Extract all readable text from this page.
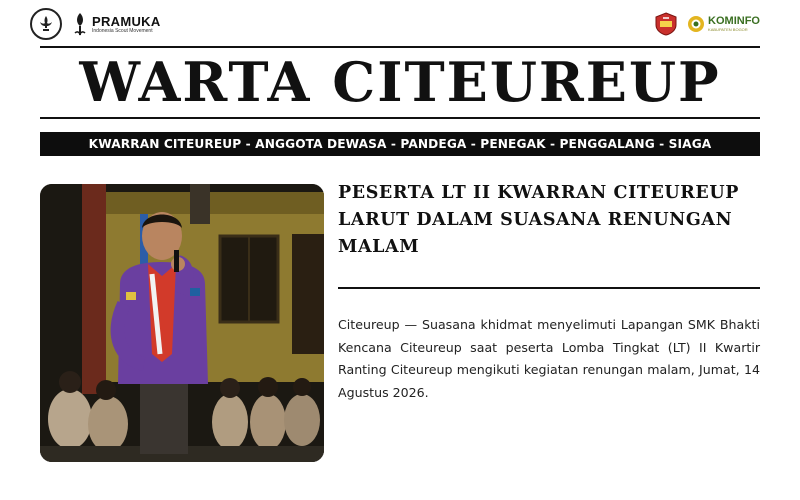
PRAMUKA
Indonesia Scout Movement
KOMINFO
KABUPATEN BOGOR
WARTA CITEUREUP
KWARRAN CITEUREUP - ANGGOTA DEWASA - PANDEGA - PENEGAK - PENGGALANG - SIAGA
PESERTA LT II KWARRAN CITEUREUP LARUT DALAM SUASANA RENUNGAN MALAM
Citeureup — Suasana khidmat menyelimuti Lapangan SMK Bhakti Kencana Citeureup saat peserta Lomba Tingkat (LT) II Kwartir Ranting Citeureup mengikuti kegiatan renungan malam, Jumat, 14 Agustus 2026.
